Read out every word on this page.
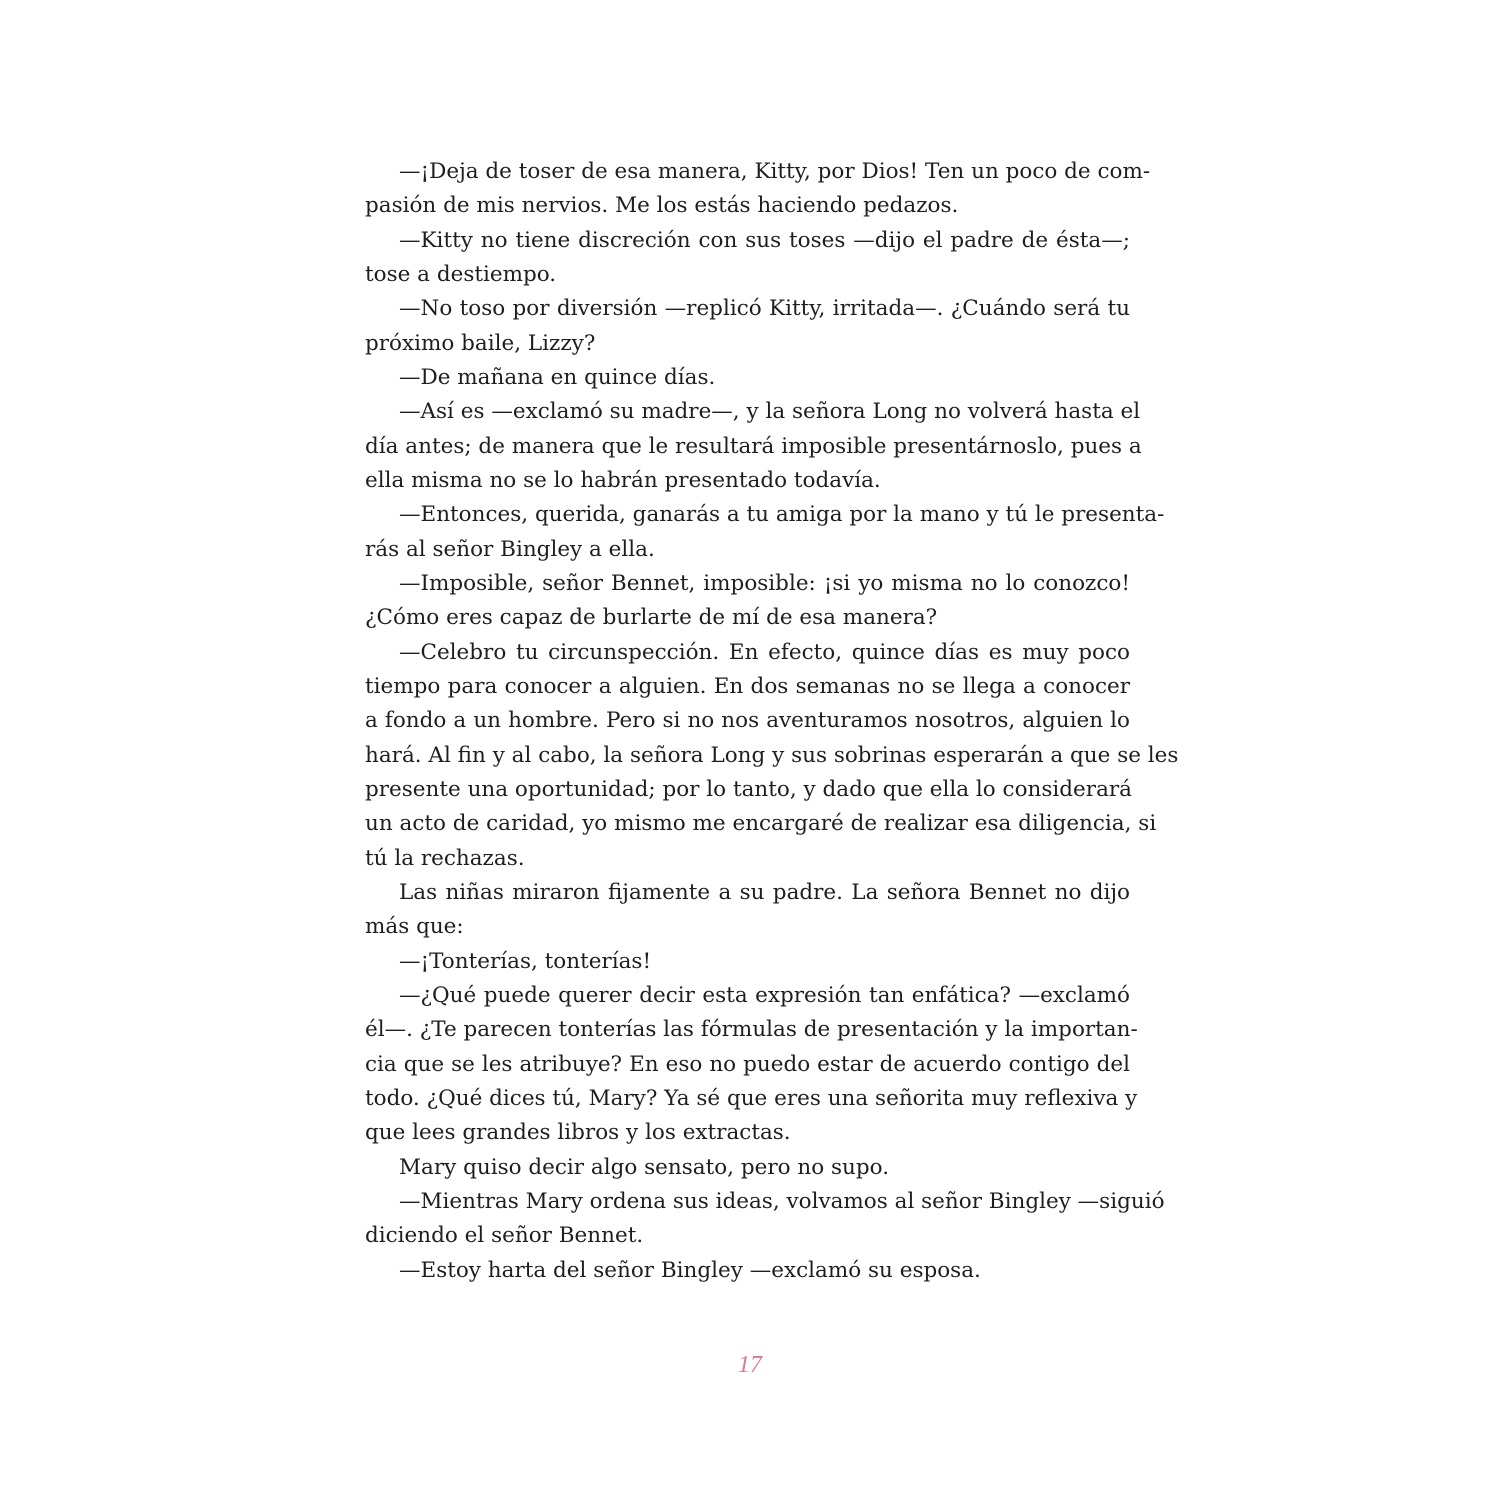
—¡Deja de toser de esa manera, Kitty, por Dios! Ten un poco de com-
pasión de mis nervios. Me los estás haciendo pedazos.
—Kitty no tiene discreción con sus toses —dijo el padre de ésta—;
tose a destiempo.
—No toso por diversión —replicó Kitty, irritada—. ¿Cuándo será tu
próximo baile, Lizzy?
—De mañana en quince días.
—Así es —exclamó su madre—, y la señora Long no volverá hasta el
día antes; de manera que le resultará imposible presentárnoslo, pues a
ella misma no se lo habrán presentado todavía.
—Entonces, querida, ganarás a tu amiga por la mano y tú le presenta-
rás al señor Bingley a ella.
—Imposible, señor Bennet, imposible: ¡si yo misma no lo conozco!
¿Cómo eres capaz de burlarte de mí de esa manera?
—Celebro tu circunspección. En efecto, quince días es muy poco
tiempo para conocer a alguien. En dos semanas no se llega a conocer
a fondo a un hombre. Pero si no nos aventuramos nosotros, alguien lo
hará. Al fin y al cabo, la señora Long y sus sobrinas esperarán a que se les
presente una oportunidad; por lo tanto, y dado que ella lo considerará
un acto de caridad, yo mismo me encargaré de realizar esa diligencia, si
tú la rechazas.
Las niñas miraron fijamente a su padre. La señora Bennet no dijo
más que:
—¡Tonterías, tonterías!
—¿Qué puede querer decir esta expresión tan enfática? —exclamó
él—. ¿Te parecen tonterías las fórmulas de presentación y la importan-
cia que se les atribuye? En eso no puedo estar de acuerdo contigo del
todo. ¿Qué dices tú, Mary? Ya sé que eres una señorita muy reflexiva y
que lees grandes libros y los extractas.
Mary quiso decir algo sensato, pero no supo.
—Mientras Mary ordena sus ideas, volvamos al señor Bingley —siguió
diciendo el señor Bennet.
—Estoy harta del señor Bingley —exclamó su esposa.
17
